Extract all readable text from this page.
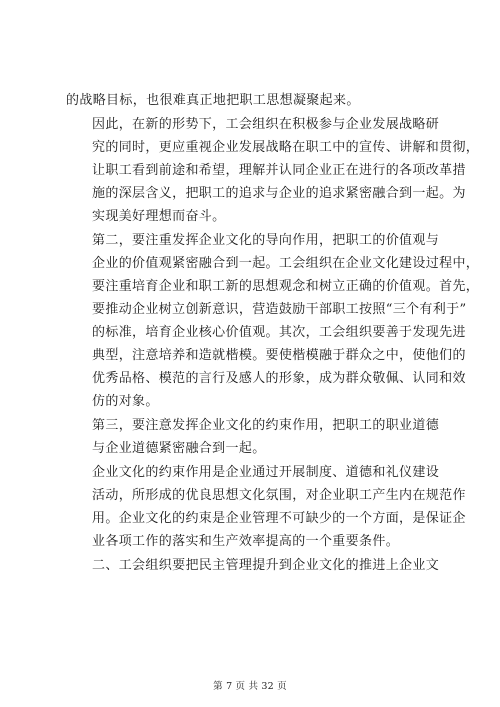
的战略目标，也很难真正地把职工思想凝聚起来。

因此，在新的形势下，工会组织在积极参与企业发展战略研
究的同时，更应重视企业发展战略在职工中的宣传、讲解和贯彻，
让职工看到前途和希望，理解并认同企业正在进行的各项改革措
施的深层含义，把职工的追求与企业的追求紧密融合到一起。为
实现美好理想而奋斗。

第二，要注重发挥企业文化的导向作用，把职工的价值观与
企业的价值观紧密融合到一起。工会组织在企业文化建设过程中，
要注重培育企业和职工新的思想观念和树立正确的价值观。首先，
要推动企业树立创新意识，营造鼓励干部职工按照“三个有利于”
的标准，培育企业核心价值观。其次，工会组织要善于发现先进
典型，注意培养和造就楷模。要使楷模融于群众之中，使他们的
优秀品格、模范的言行及感人的形象，成为群众敬佩、认同和效
仿的对象。

第三，要注意发挥企业文化的约束作用，把职工的职业道德
与企业道德紧密融合到一起。

企业文化的约束作用是企业通过开展制度、道德和礼仪建设
活动，所形成的优良思想文化氛围，对企业职工产生内在规范作
用。企业文化的约束是企业管理不可缺少的一个方面，是保证企
业各项工作的落实和生产效率提高的一个重要条件。

二、工会组织要把民主管理提升到企业文化的推进上企业文

第 7 页 共 32 页
